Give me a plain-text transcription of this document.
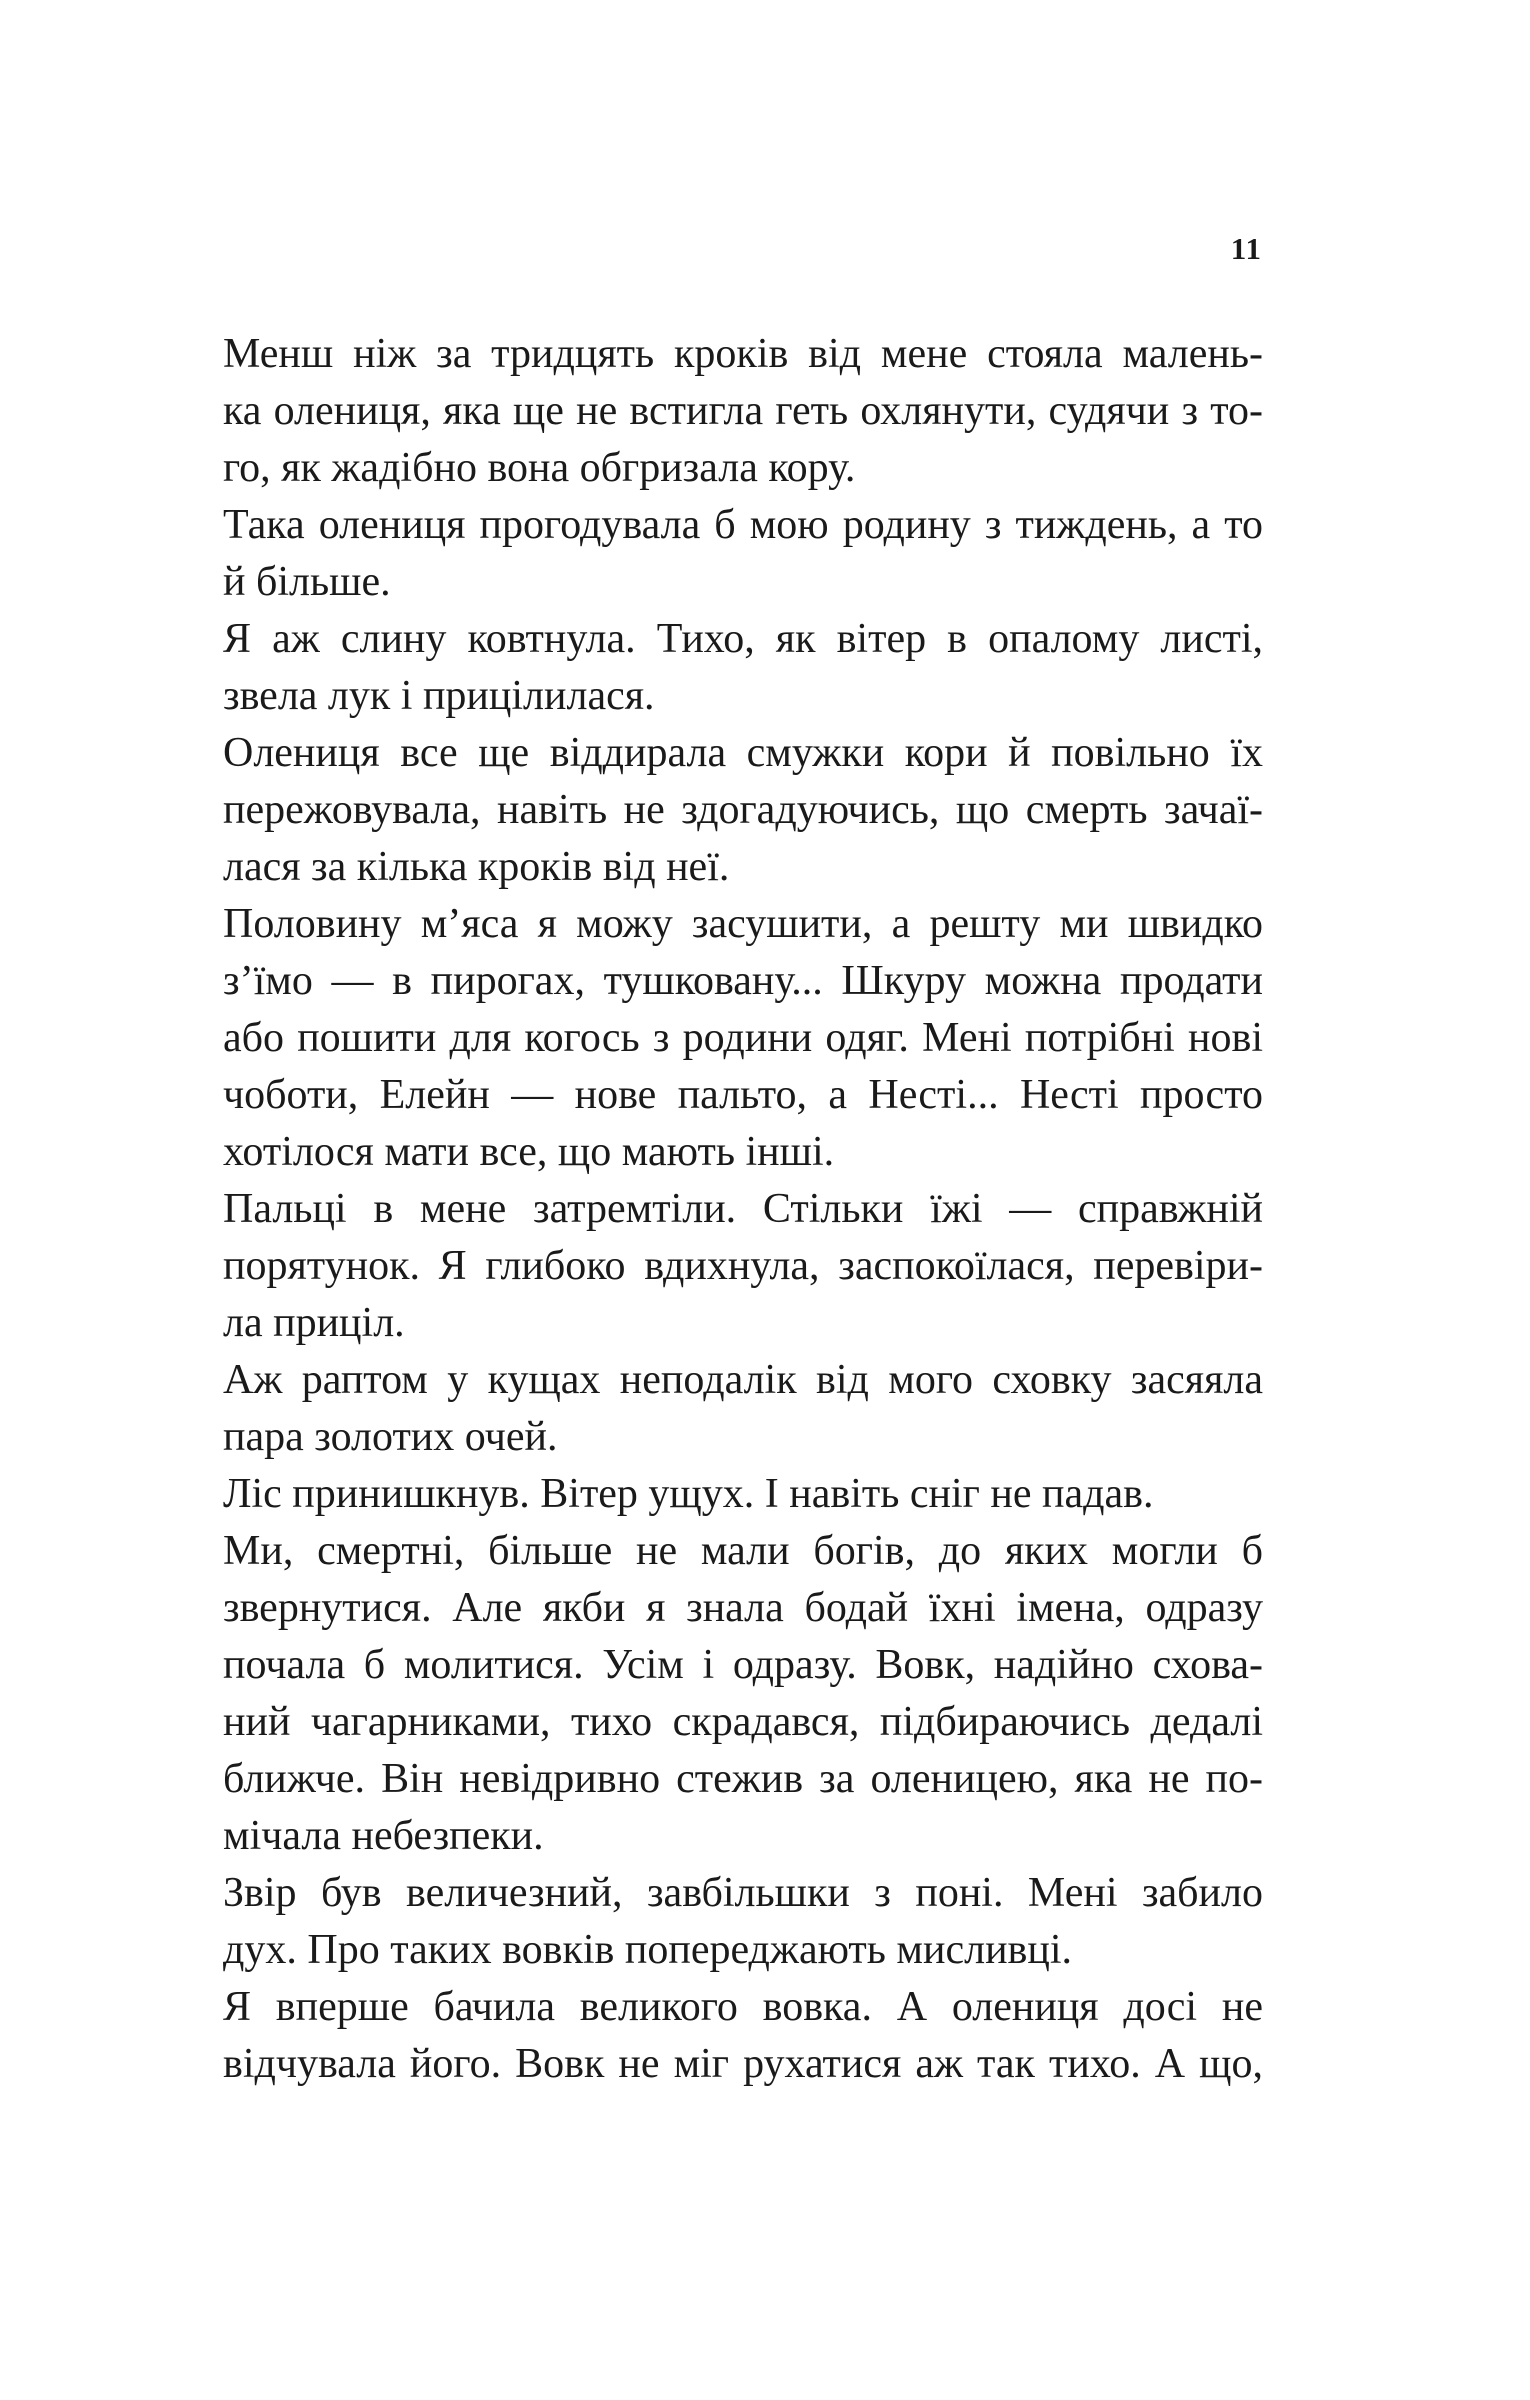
11
Менш ніж за тридцять кроків від мене стояла малень-
ка олениця, яка ще не встигла геть охлянути, судячи з то-
го, як жадібно вона обгризала кору.
Така олениця прогодувала б мою родину з тиждень, а то
й більше.
Я аж слину ковтнула. Тихо, як вітер в опалому листі,
звела лук і прицілилася.
Олениця все ще віддирала смужки кори й повільно їх
пережовувала, навіть не здогадуючись, що смерть зачаї-
лася за кілька кроків від неї.
Половину м’яса я можу засушити, а решту ми швидко
з’їмо — в пирогах, тушковану... Шкуру можна продати
або пошити для когось з родини одяг. Мені потрібні нові
чоботи, Елейн — нове пальто, а Несті... Несті просто
хотілося мати все, що мають інші.
Пальці в мене затремтіли. Стільки їжі — справжній
порятунок. Я глибоко вдихнула, заспокоїлася, перевіри-
ла приціл.
Аж раптом у кущах неподалік від мого сховку засяяла
пара золотих очей.
Ліс принишкнув. Вітер ущух. І навіть сніг не падав.
Ми, смертні, більше не мали богів, до яких могли б
звернутися. Але якби я знала бодай їхні імена, одразу
почала б молитися. Усім і одразу. Вовк, надійно схова-
ний чагарниками, тихо скрадався, підбираючись дедалі
ближче. Він невідривно стежив за оленицею, яка не по-
мічала небезпеки.
Звір був величезний, завбільшки з поні. Мені забило
дух. Про таких вовків попереджають мисливці.
Я вперше бачила великого вовка. А олениця досі не
відчувала його. Вовк не міг рухатися аж так тихо. А що,
